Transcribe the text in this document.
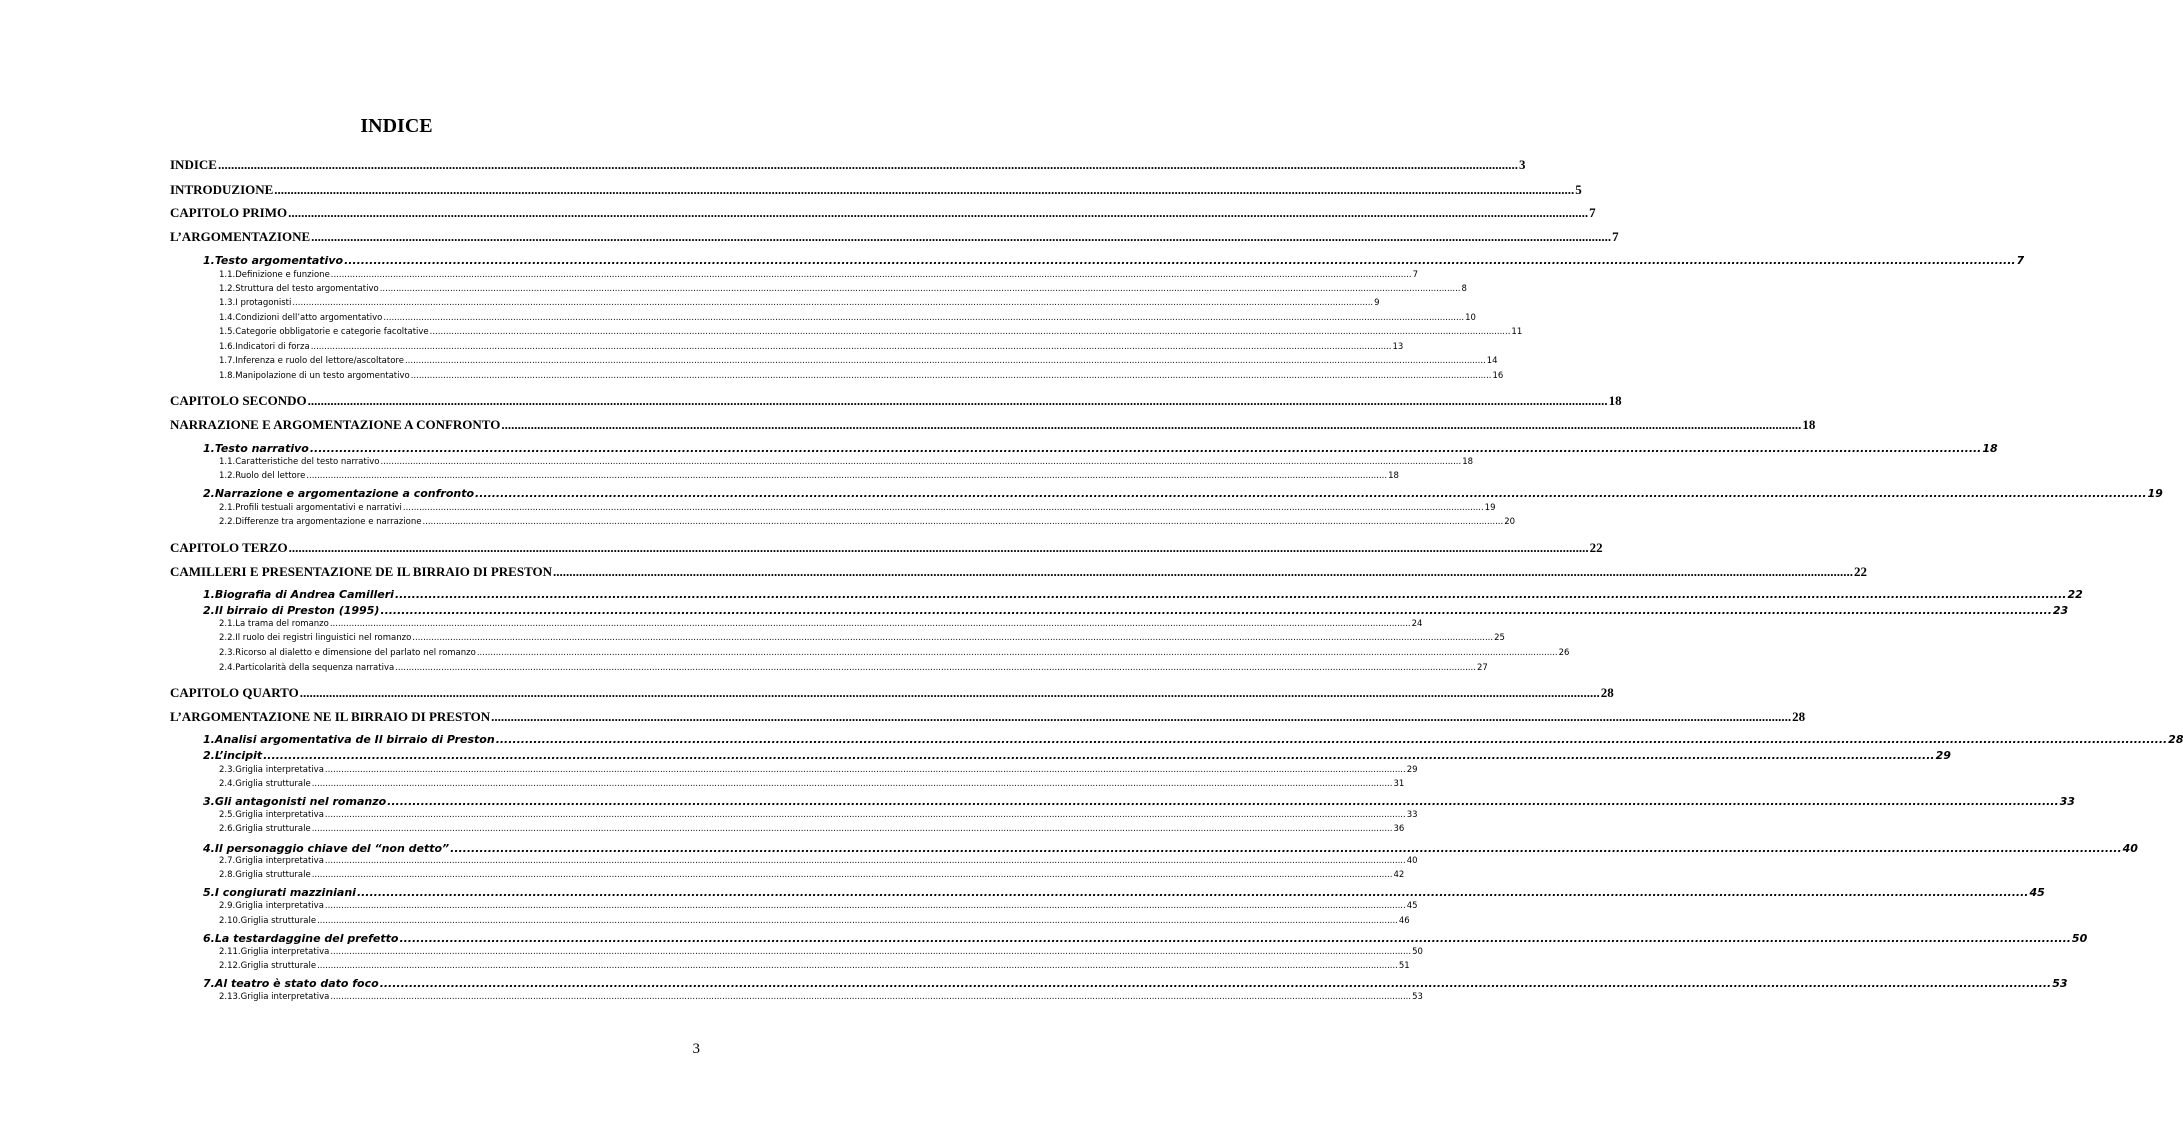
INDICE
INDICE ................................................................................................................................................................................................................................................................................................................................................................................................................ 3
INTRODUZIONE ................................................................................................................................................................................................................................................................................................................................................................................................................ 5
CAPITOLO PRIMO ................................................................................................................................................................................................................................................................................................................................................................................................................ 7
L’ARGOMENTAZIONE ................................................................................................................................................................................................................................................................................................................................................................................................................ 7
1. Testo argomentativo ................................................................................................................................................................................................................................................................................................................................................................................................................ 7
1.1. Definizione e funzione ................................................................................................................................................................................................................................................................................................................................................................................................................ 7
1.2. Struttura del testo argomentativo ................................................................................................................................................................................................................................................................................................................................................................................................................ 8
1.3. I protagonisti ................................................................................................................................................................................................................................................................................................................................................................................................................ 9
1.4. Condizioni dell’atto argomentativo ................................................................................................................................................................................................................................................................................................................................................................................................................ 10
1.5. Categorie obbligatorie e categorie facoltative ................................................................................................................................................................................................................................................................................................................................................................................................................ 11
1.6. Indicatori di forza ................................................................................................................................................................................................................................................................................................................................................................................................................ 13
1.7. Inferenza e ruolo del lettore/ascoltatore ................................................................................................................................................................................................................................................................................................................................................................................................................ 14
1.8. Manipolazione di un testo argomentativo ................................................................................................................................................................................................................................................................................................................................................................................................................ 16
CAPITOLO SECONDO ................................................................................................................................................................................................................................................................................................................................................................................................................ 18
NARRAZIONE E ARGOMENTAZIONE A CONFRONTO ................................................................................................................................................................................................................................................................................................................................................................................................................ 18
1. Testo narrativo ................................................................................................................................................................................................................................................................................................................................................................................................................ 18
1.1. Caratteristiche del testo narrativo ................................................................................................................................................................................................................................................................................................................................................................................................................ 18
1.2. Ruolo del lettore ................................................................................................................................................................................................................................................................................................................................................................................................................ 18
2. Narrazione e argomentazione a confronto ................................................................................................................................................................................................................................................................................................................................................................................................................ 19
2.1. Profili testuali argomentativi e narrativi ................................................................................................................................................................................................................................................................................................................................................................................................................ 19
2.2. Differenze tra argomentazione e narrazione ................................................................................................................................................................................................................................................................................................................................................................................................................ 20
CAPITOLO TERZO ................................................................................................................................................................................................................................................................................................................................................................................................................ 22
CAMILLERI E PRESENTAZIONE DE IL BIRRAIO DI PRESTON ................................................................................................................................................................................................................................................................................................................................................................................................................ 22
1. Biografia di Andrea Camilleri ................................................................................................................................................................................................................................................................................................................................................................................................................ 22
2. Il birraio di Preston (1995) ................................................................................................................................................................................................................................................................................................................................................................................................................ 23
2.1. La trama del romanzo ................................................................................................................................................................................................................................................................................................................................................................................................................ 24
2.2. Il ruolo dei registri linguistici nel romanzo ................................................................................................................................................................................................................................................................................................................................................................................................................ 25
2.3. Ricorso al dialetto e dimensione del parlato nel romanzo ................................................................................................................................................................................................................................................................................................................................................................................................................ 26
2.4. Particolarità della sequenza narrativa ................................................................................................................................................................................................................................................................................................................................................................................................................ 27
CAPITOLO QUARTO ................................................................................................................................................................................................................................................................................................................................................................................................................ 28
L’ARGOMENTAZIONE NE IL BIRRAIO DI PRESTON ................................................................................................................................................................................................................................................................................................................................................................................................................ 28
1. Analisi argomentativa de Il birraio di Preston ................................................................................................................................................................................................................................................................................................................................................................................................................ 28
2. L’incipit ................................................................................................................................................................................................................................................................................................................................................................................................................ 29
2.3. Griglia interpretativa ................................................................................................................................................................................................................................................................................................................................................................................................................ 29
2.4. Griglia strutturale ................................................................................................................................................................................................................................................................................................................................................................................................................ 31
3. Gli antagonisti nel romanzo ................................................................................................................................................................................................................................................................................................................................................................................................................ 33
2.5. Griglia interpretativa ................................................................................................................................................................................................................................................................................................................................................................................................................ 33
2.6. Griglia strutturale ................................................................................................................................................................................................................................................................................................................................................................................................................ 36
4. Il personaggio chiave del “non detto” ................................................................................................................................................................................................................................................................................................................................................................................................................ 40
2.7. Griglia interpretativa ................................................................................................................................................................................................................................................................................................................................................................................................................ 40
2.8. Griglia strutturale ................................................................................................................................................................................................................................................................................................................................................................................................................ 42
5. I congiurati mazziniani ................................................................................................................................................................................................................................................................................................................................................................................................................ 45
2.9. Griglia interpretativa ................................................................................................................................................................................................................................................................................................................................................................................................................ 45
2.10. Griglia strutturale ................................................................................................................................................................................................................................................................................................................................................................................................................ 46
6. La testardaggine del prefetto ................................................................................................................................................................................................................................................................................................................................................................................................................ 50
2.11. Griglia interpretativa ................................................................................................................................................................................................................................................................................................................................................................................................................ 50
2.12. Griglia strutturale ................................................................................................................................................................................................................................................................................................................................................................................................................ 51
7. Al teatro è stato dato foco ................................................................................................................................................................................................................................................................................................................................................................................................................ 53
2.13. Griglia interpretativa ................................................................................................................................................................................................................................................................................................................................................................................................................ 53
3
